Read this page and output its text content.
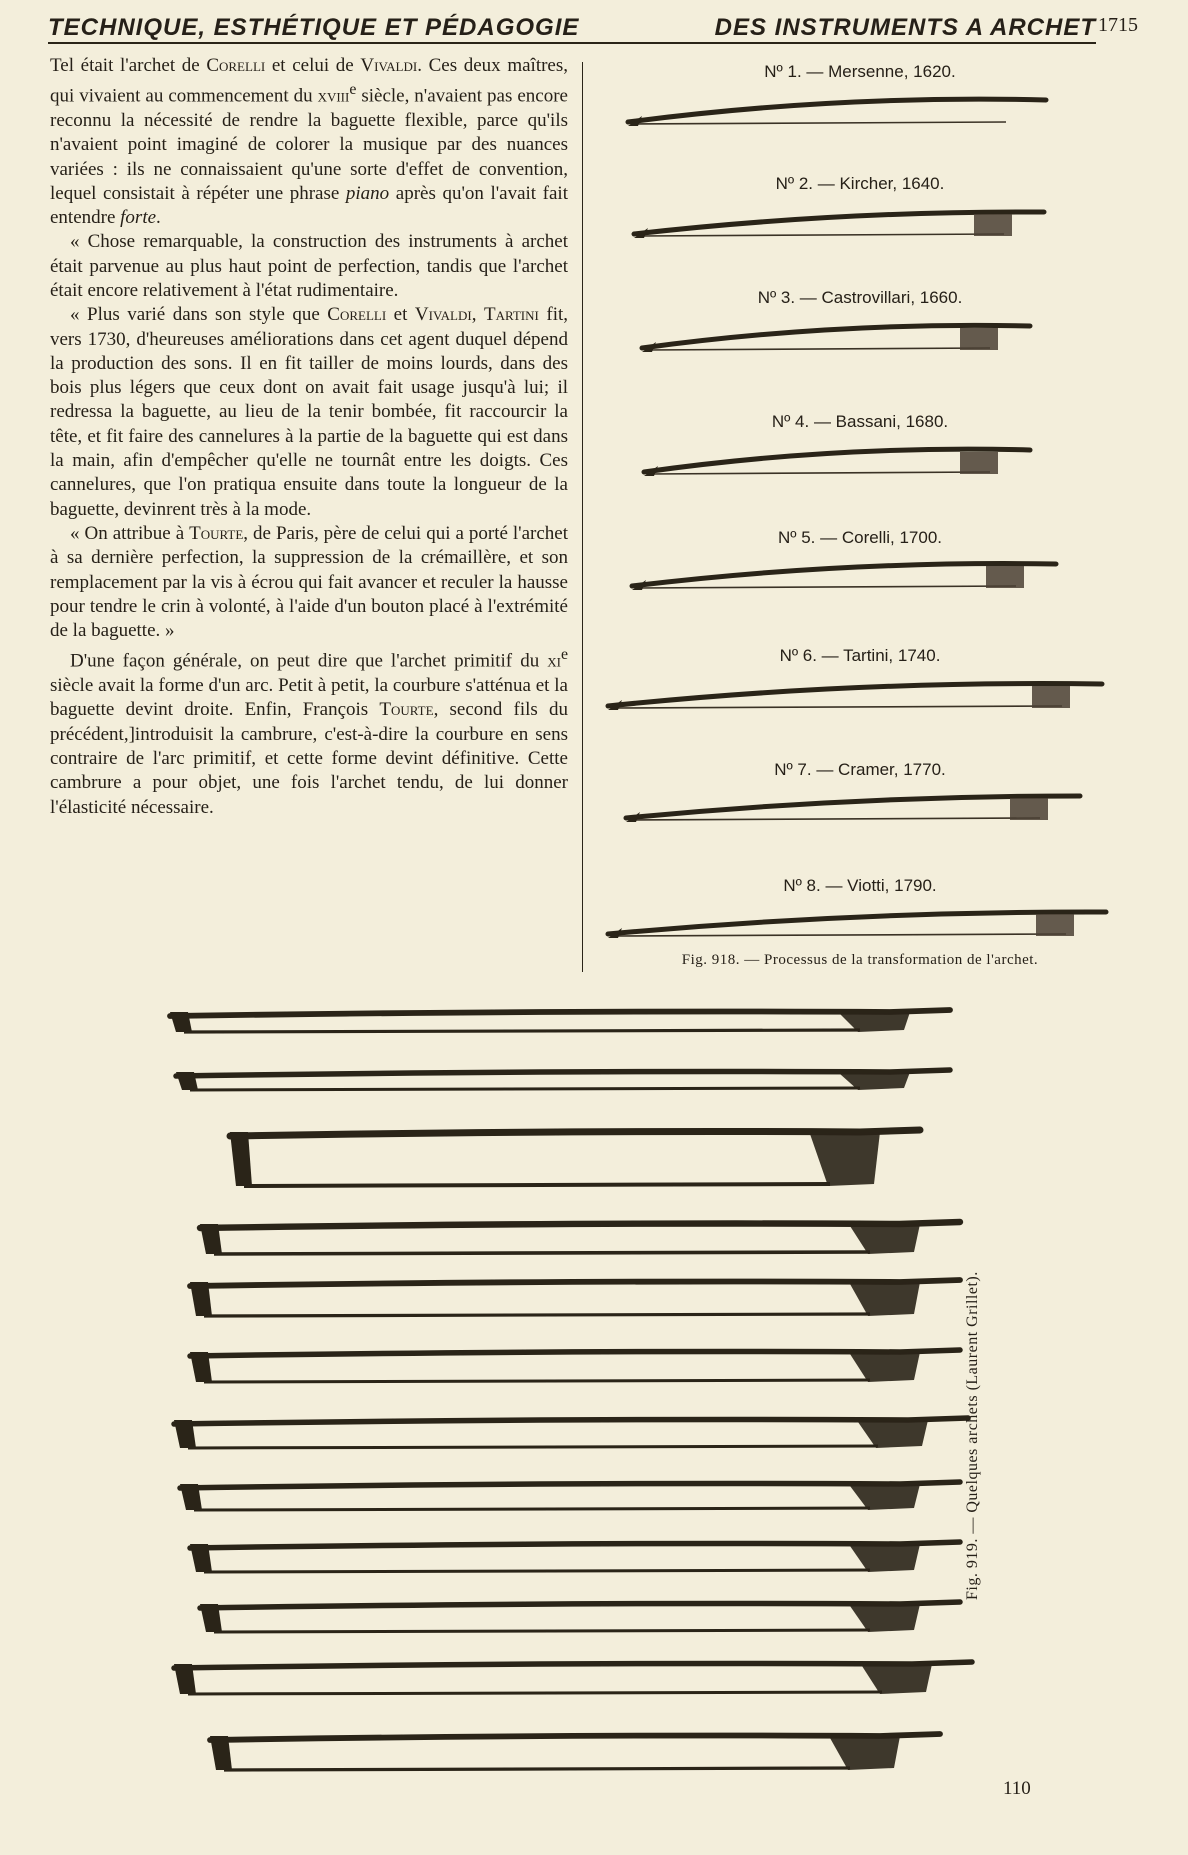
TECHNIQUE, ESTHÉTIQUE ET PÉDAGOGIE	DES INSTRUMENTS A ARCHET 1715

Tel était l'archet de Corelli et celui de Vivaldi. Ces deux maîtres, qui vivaient au commencement du xviii$^e$ siècle, n'avaient pas encore reconnu la nécessité de rendre la baguette flexible, parce qu'ils n'avaient point imaginé de colorer la musique par des nuances variées : ils ne connaissaient qu'une sorte d'effet de convention, lequel consistait à répéter une phrase piano après qu'on l'avait fait entendre forte.

« Chose remarquable, la construction des instruments à archet était parvenue au plus haut point de perfection, tandis que l'archet était encore relativement à l'état rudimentaire.

« Plus varié dans son style que Corelli et Vivaldi, Tartini fit, vers 1730, d'heureuses améliorations dans cet agent duquel dépend la production des sons. Il en fit tailler de moins lourds, dans des bois plus légers que ceux dont on avait fait usage jusqu'à lui; il redressa la baguette, au lieu de la tenir bombée, fit raccourcir la tête, et fit faire des cannelures à la partie de la baguette qui est dans la main, afin d'empêcher qu'elle ne tournât entre les doigts. Ces cannelures, que l'on pratiqua ensuite dans toute la longueur de la baguette, devinrent très à la mode.

« On attribue à Tourte, de Paris, père de celui qui a porté l'archet à sa dernière perfection, la suppression de la crémaillère, et son remplacement par la vis à écrou qui fait avancer et reculer la hausse pour tendre le crin à volonté, à l'aide d'un bouton placé à l'extrémité de la baguette. »

D'une façon générale, on peut dire que l'archet primitif du $xi^e$ siècle avait la forme d'un arc. Petit à petit, la courbure s'atténua et la baguette devint droite. Enfin, François Tourte, second fils du précédent,]introduisit la cambrure, c'est-à-dire la courbure en sens contraire de l'arc primitif, et cette forme devint définitive. Cette cambrure a pour objet, une fois l'archet tendu, de lui donner l'élasticité nécessaire.

Fig. 918. — Processus de la transformation de l'archet.
Nº 1. — Mersenne, 1620.
Nº 2. — Kircher, 1640.
Nº 3. — Castrovillari, 1660.
Nº 4. — Bassani, 1680.
Nº 5. — Corelli, 1700.
Nº 6. — Tartini, 1740.
Nº 7. — Cramer, 1770.
Nº 8. — Viotti, 1790.
Fig. 919. — Quelques archets (Laurent Grillet).
110
